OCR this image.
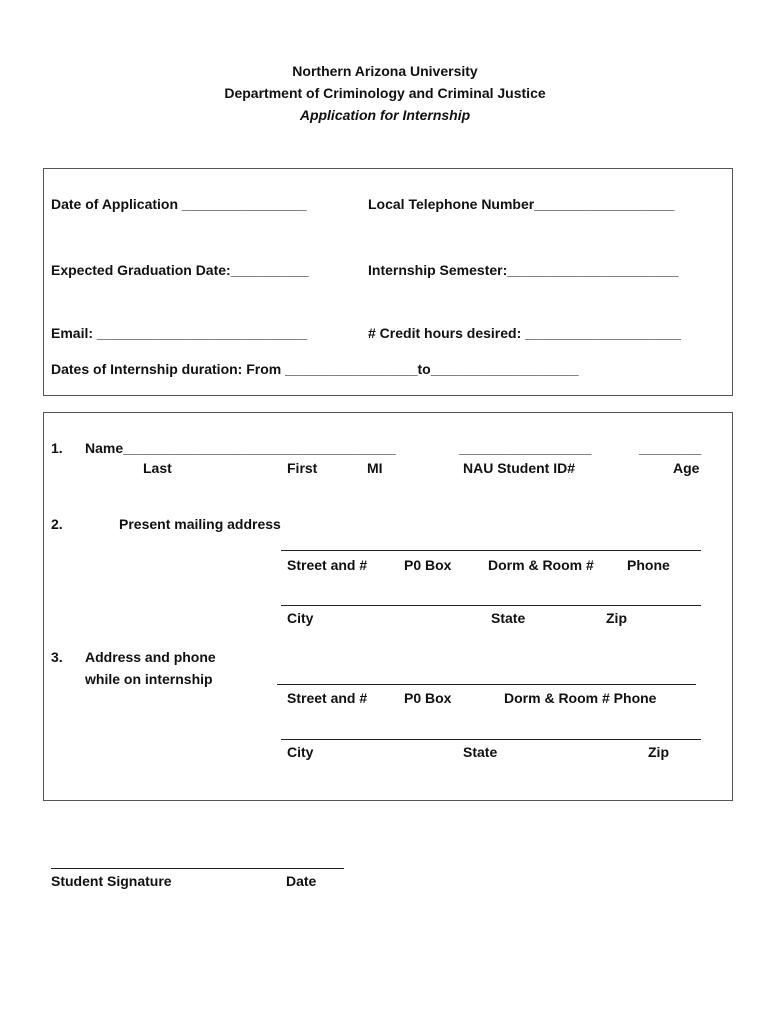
Northern Arizona University
Department of Criminology and Criminal Justice
Application for Internship
Date of Application ________________	Local Telephone Number__________________
Expected Graduation Date:__________	Internship Semester:______________________
Email: ___________________________	# Credit hours desired: ____________________
Dates of Internship duration: From _________________to___________________
1. Name___________________________________	_________________	________
Last	First	MI	NAU Student ID#	Age
2.	Present mailing address
Street and #	P0 Box	Dorm & Room # Phone
City	State	Zip
3. Address and phone
while on internship
Street and #	P0 Box	Dorm & Room # Phone
City	State	Zip
Student Signature	Date
